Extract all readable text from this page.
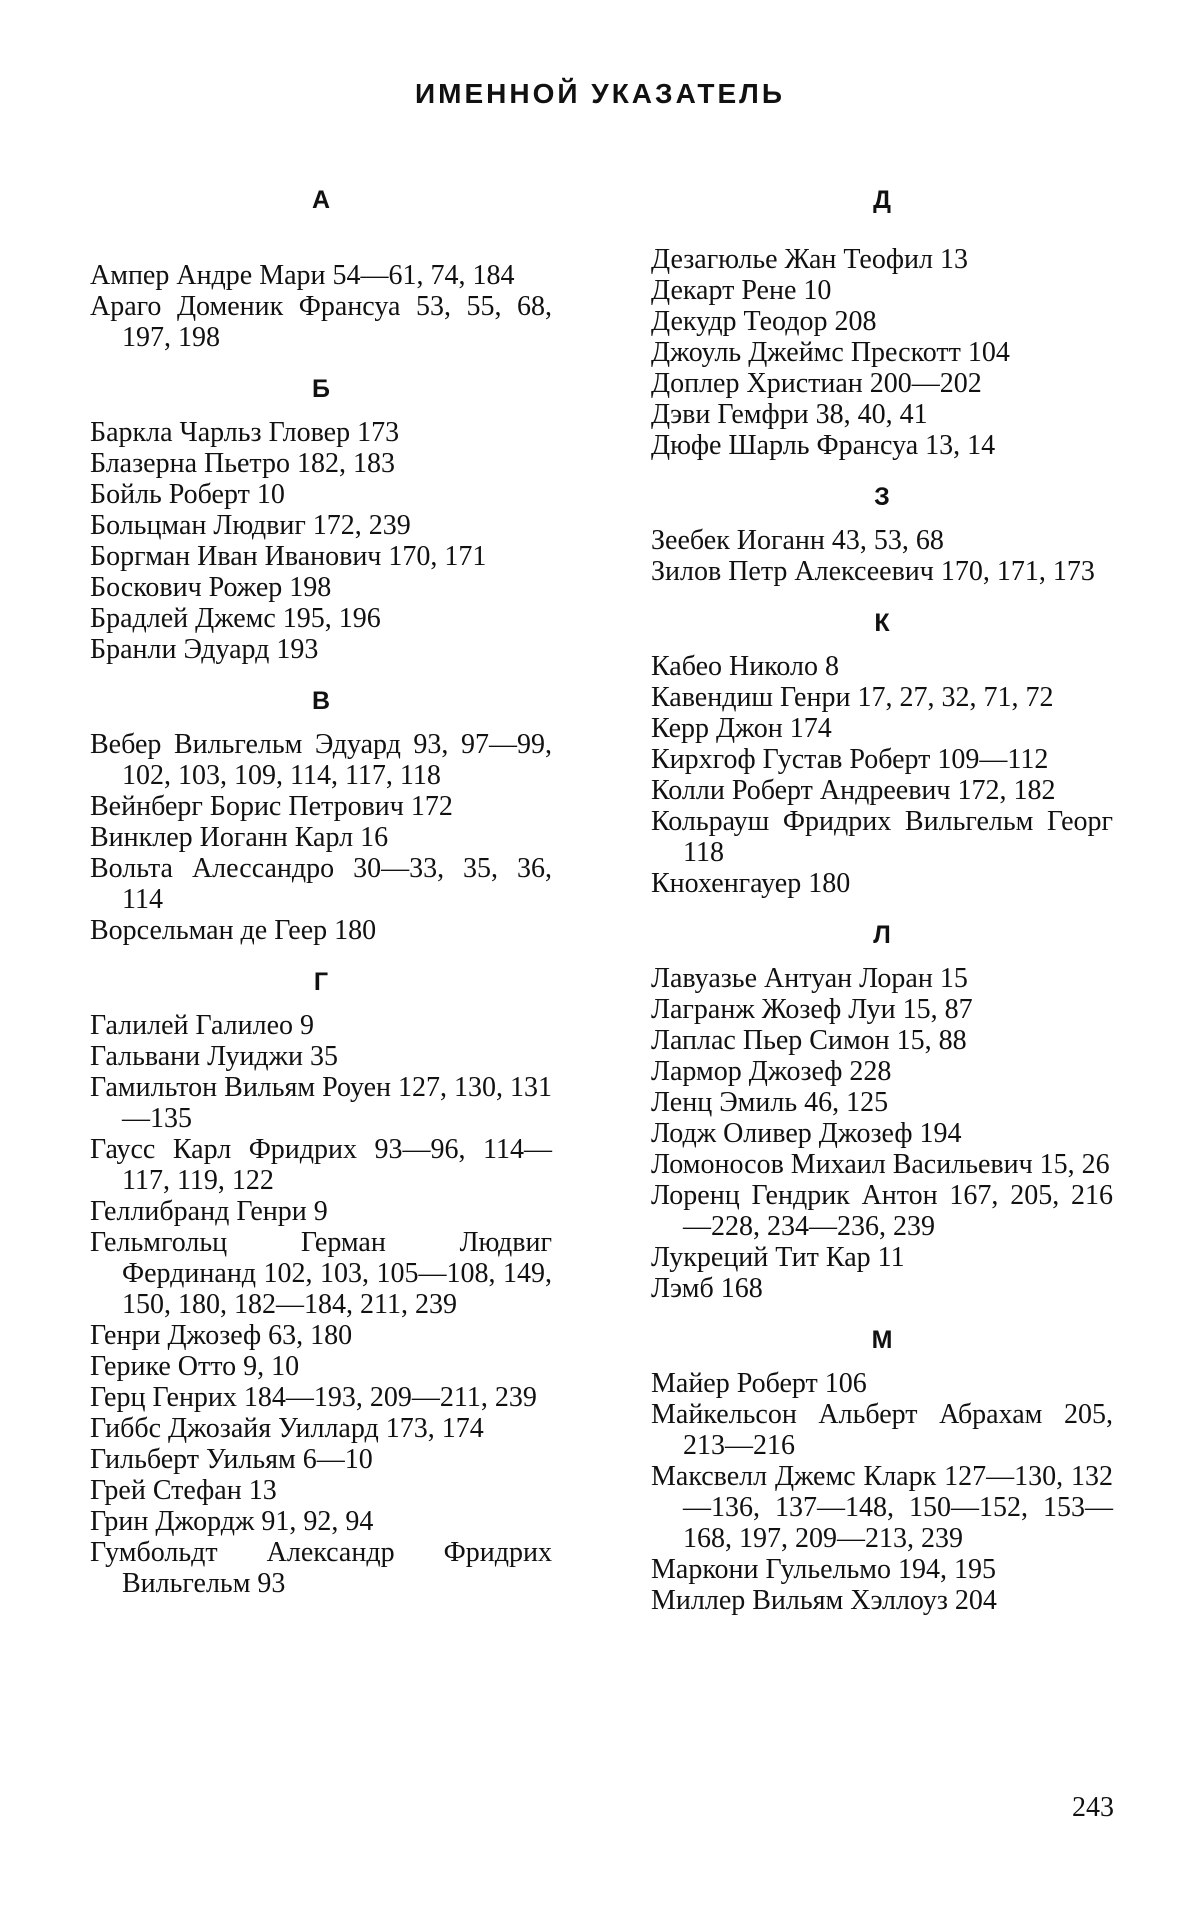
ИМЕННОЙ УКАЗАТЕЛЬ
А

Ампер Андре Мари 54—61, 74, 184

Араго Доменик Франсуа 53, 55, 68, 197, 198

Б

Баркла Чарльз Гловер 173

Блазерна Пьетро 182, 183

Бойль Роберт 10

Больцман Людвиг 172, 239

Боргман Иван Иванович 170, 171

Боскович Рожер 198

Брадлей Джемс 195, 196

Бранли Эдуард 193

В

Вебер Вильгельм Эдуард 93, 97—99, 102, 103, 109, 114, 117, 118

Вейнберг Борис Петрович 172

Винклер Иоганн Карл 16

Вольта Алессандро 30—33, 35, 36, 114

Ворсельман де Геер 180

Г

Галилей Галилео 9

Гальвани Луиджи 35

Гамильтон Вильям Роуен 127, 130, 131—135

Гаусс Карл Фридрих 93—96, 114—117, 119, 122

Геллибранд Генри 9

Гельмгольц Герман Людвиг Фердинанд 102, 103, 105—108, 149, 150, 180, 182—184, 211, 239

Генри Джозеф 63, 180

Герике Отто 9, 10

Герц Генрих 184—193, 209—211, 239

Гиббс Джозайя Уиллард 173, 174

Гильберт Уильям 6—10

Грей Стефан 13

Грин Джордж 91, 92, 94

Гумбольдт Александр Фридрих Вильгельм 93

Д

Дезагюлье Жан Теофил 13

Декарт Рене 10

Декудр Теодор 208

Джоуль Джеймс Прескотт 104

Доплер Христиан 200—202

Дэви Гемфри 38, 40, 41

Дюфе Шарль Франсуа 13, 14

З

Зеебек Иоганн 43, 53, 68

Зилов Петр Алексеевич 170, 171, 173

К

Кабео Николо 8

Кавендиш Генри 17, 27, 32, 71, 72

Керр Джон 174

Кирхгоф Густав Роберт 109—112

Колли Роберт Андреевич 172, 182

Кольрауш Фридрих Вильгельм Георг 118

Кнохенгауер 180

Л

Лавуазье Антуан Лоран 15

Лагранж Жозеф Луи 15, 87

Лаплас Пьер Симон 15, 88

Лармор Джозеф 228

Ленц Эмиль 46, 125

Лодж Оливер Джозеф 194

Ломоносов Михаил Васильевич 15, 26

Лоренц Гендрик Антон 167, 205, 216—228, 234—236, 239

Лукреций Тит Кар 11

Лэмб 168

М

Майер Роберт 106

Майкельсон Альберт Абрахам 205, 213—216

Максвелл Джемс Кларк 127—130, 132—136, 137—148, 150—152, 153—168, 197, 209—213, 239

Маркони Гульельмо 194, 195

Миллер Вильям Хэллоуз 204

243
